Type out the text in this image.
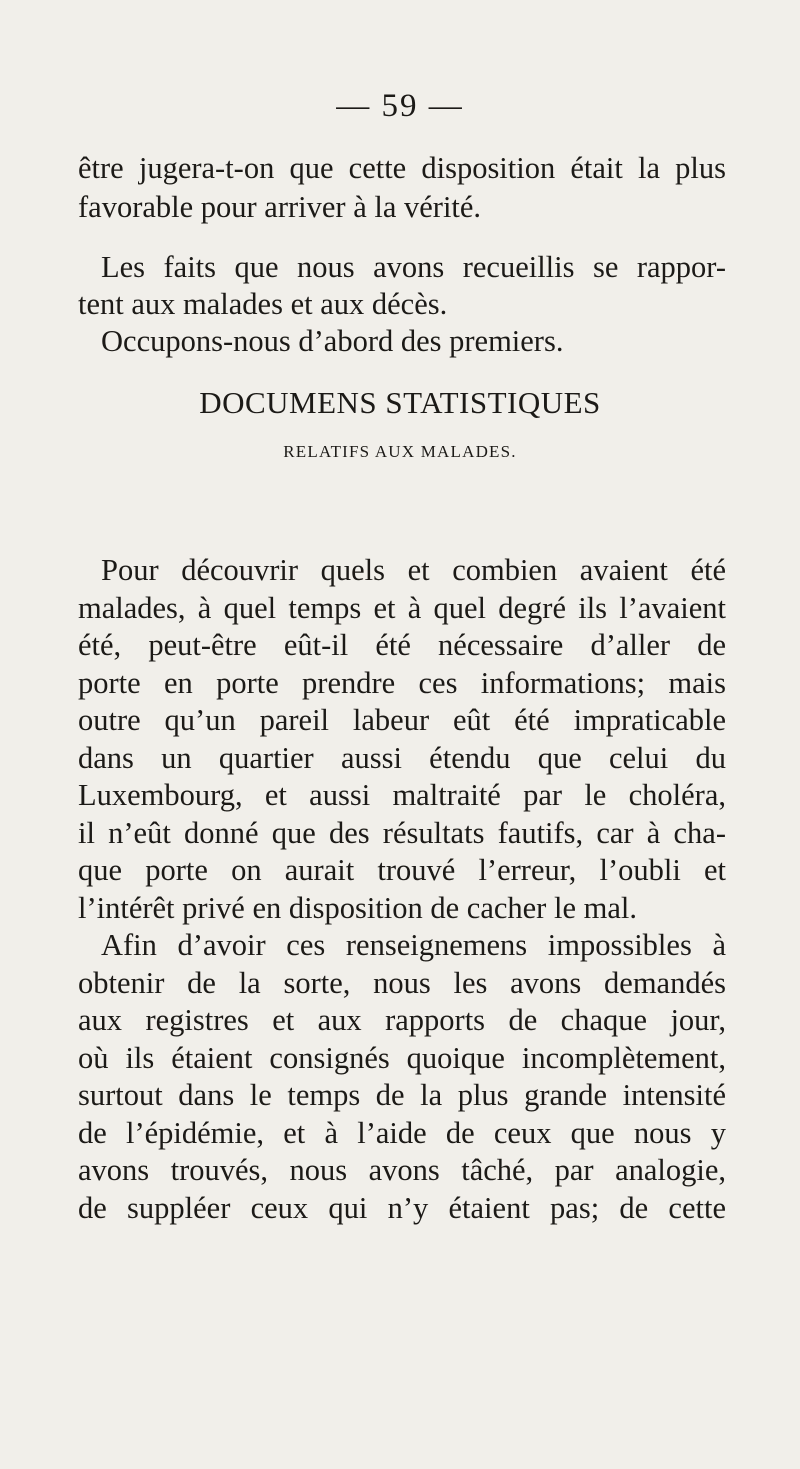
— 59 —
être jugera-t-on que cette disposition était la plus
favorable pour arriver à la vérité.
Les faits que nous avons recueillis se rappor-
tent aux malades et aux décès.
Occupons-nous d’abord des premiers.
DOCUMENS STATISTIQUES
RELATIFS AUX MALADES.
Pour découvrir quels et combien avaient été
malades, à quel temps et à quel degré ils l’avaient
été, peut-être eût-il été nécessaire d’aller de
porte en porte prendre ces informations; mais
outre qu’un pareil labeur eût été impraticable
dans un quartier aussi étendu que celui du
Luxembourg, et aussi maltraité par le choléra,
il n’eût donné que des résultats fautifs, car à cha-
que porte on aurait trouvé l’erreur, l’oubli et
l’intérêt privé en disposition de cacher le mal.
Afin d’avoir ces renseignemens impossibles à
obtenir de la sorte, nous les avons demandés
aux registres et aux rapports de chaque jour,
où ils étaient consignés quoique incomplètement,
surtout dans le temps de la plus grande intensité
de l’épidémie, et à l’aide de ceux que nous y
avons trouvés, nous avons tâché, par analogie,
de suppléer ceux qui n’y étaient pas; de cette
